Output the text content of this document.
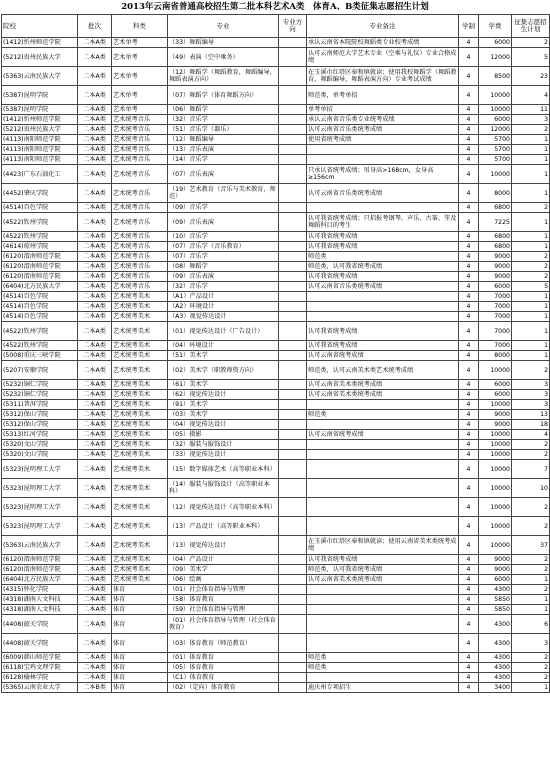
2013年云南省普通高校招生第二批本科艺术A类　体育A、B类征集志愿招生计划
院校	批次	科类	专业	专业方向	专业备注	学制	学费	征集志愿招生计划
(1412)忻州师范学院	二本A类	艺术单考	（33）舞蹈编导		承认云南省本院院校舞蹈类专业校考成绩	4	6000	2
(5212)贵州民族大学	二本A类	艺术单考	（49）表演（空中乘务）		认可云南师范大学艺术专业（空乘与礼仪）专业合格成绩	4	12000	5
(5363)云南民族大学	二本A类	艺术单考	（12）舞蹈学（舞蹈教育，舞蹈编导，舞蹈表演方向）		在玉溪市红塔区奉和镇就读；使用我校舞蹈学（舞蹈教育，舞蹈编导，舞蹈表演方向）专业考试成绩	4	8500	23
(5387)昆明学院	二本A类	艺术单考	（07）舞蹈学（体育舞蹈方向）		师范类，单考单招	4	10000	4
(5387)昆明学院	二本A类	艺术单考	（06）舞蹈学		单考单招	4	10000	11
(1412)忻州师范学院	二本A类	艺术统考音乐	（32）音乐学		承认云南省音乐类专业统考成绩	4	6000	3
(5212)贵州民族大学	二本A类	艺术统考音乐	（51）音乐学（器乐）		认可云南省音乐类统考成绩	4	12000	2
(4113)南阳师范学院	二本A类	艺术统考音乐	（12）舞蹈编导		使用省统考成绩	4	5700	1
(4113)南阳师范学院	二本A类	艺术统考音乐	（13）音乐表演			4	5700	1
(4113)南阳师范学院	二本A类	艺术统考音乐	（14）音乐学			4	5700	1
(4423)广东石油化工	二本A类	艺术统考音乐	（07）音乐表演		只承认省统考成绩；男身高>168cm，女身高≥156cm	4	10000	1
(4452)肇庆学院	二本A类	艺术统考音乐	（19）艺术教育（音乐与美术教育，师范）		认可云南省音乐类统考成绩	4	8000	1
(4514)百色学院	二本A类	艺术统考音乐	（09）音乐学			4	6800	2
(4522)钦州学院	二本A类	艺术统考音乐	（09）音乐表演		认可我省统考成绩；只招报考钢琴、声乐、古筝、笙及舞蹈科目的考生	4	7225	1
(4522)钦州学院	二本A类	艺术统考音乐	（10）音乐学		认可我省统考成绩	4	6800	1
(4614)琼州学院	二本A类	艺术统考音乐	（07）音乐学（音乐教育）		认可我省统考成绩	4	6800	1
(6120)渭南师范学院	二本A类	艺术统考音乐	（07）音乐学		师范类	4	9000	2
(6120)渭南师范学院	二本A类	艺术统考音乐	（08）舞蹈学		师范类，认可我省统考成绩	4	9000	2
(6120)渭南师范学院	二本A类	艺术统考音乐	（09）音乐表演		认可我省统考成绩	4	9000	2
(6404)北方民族大学	二本A类	艺术统考音乐	（32）音乐学		认可云南省音乐类统考成绩	4	6000	5
(4514)百色学院	二本A类	艺术统考美术	（A1）产品设计			4	7000	1
(4514)百色学院	二本A类	艺术统考美术	（A2）环境设计			4	7000	1
(4514)百色学院	二本A类	艺术统考美术	（A3）视觉传达设计			4	7000	1
(4522)钦州学院	二本A类	艺术统考美术	（01）视觉传达设计（广告设计）		认可我省统考成绩	4	7000	1
(4522)钦州学院	二本A类	艺术统考美术	（04）环境设计		认可我省统考成绩	4	7000	1
(5008)重庆三峡学院	二本A类	艺术统考美术	（51）美术学		认可云南省统考成绩	4	8000	1
(5207)安顺学院	二本A类	艺术统考美术	（02）美术学（职教师资方向）		师范类，认可云南美术类艺术统考成绩	4	10000	2
(5232)铜仁学院	二本A类	艺术统考美术	（61）美术学		认可云南省美术类统考成绩	4	6000	3
(5232)铜仁学院	二本A类	艺术统考美术	（62）视觉传达设计		认可云南省美术类统考成绩	4	6000	3
(5311)普洱学院	二本A类	艺术统考美术	（91）美术学			4	10000	3
(5312)保山学院	二本A类	艺术统考美术	（03）美术学		师范类	4	9000	13
(5312)保山学院	二本A类	艺术统考美术	（04）视觉传达设计			4	9000	18
(5313)红河学院	二本A类	艺术统考美术	（05）摄影		认可云南省统考成绩	4	10000	4
(5320)文山学院	二本A类	艺术统考美术	（32）服装与服饰设计			4	10000	2
(5320)文山学院	二本A类	艺术统考美术	（33）视觉传达设计			4	10000	2
(5323)昆明理工大学	二本A类	艺术统考美术	（15）数字媒体艺术（高等职业本科）			4	10000	7
(5323)昆明理工大学	二本A类	艺术统考美术	（14）服装与服饰设计（高等职业本科）			4	10000	10
(5323)昆明理工大学	二本A类	艺术统考美术	（12）视觉传达设计（高等职业本科）			4	10000	2
(5323)昆明理工大学	二本A类	艺术统考美术	（13）产品设计（高等职业本科）			4	10000	2
(5363)云南民族大学	二本A类	艺术统考美术	（13）视觉传达设计		在玉溪市红塔区奉和镇就读；使用云南省美术类统考成绩	4	10000	37
(6120)渭南师范学院	二本A类	艺术统考美术	（04）产品设计		认可我省统考成绩	4	9000	2
(6120)渭南师范学院	二本A类	艺术统考美术	（09）美术学		师范类，认可我省统考成绩	4	9000	2
(6404)北方民族大学	二本A类	艺术统考美术	（06）绘画		认可云南省美术类统考成绩	4	6000	1
(4315)怀化学院	二本A类	体育	（01）社会体育指导与管理			4	4300	2
(4318)湖南人文科技	二本A类	体育	（58）体育教育			4	5850	1
(4318)湖南人文科技	二本A类	体育	（59）社会体育指导与管理			4	5850	1
(4408)韶关学院	二本A类	体育	（01）社会体育指导与管理（社会体育教育）			4	4300	6
(4408)韶关学院	二本A类	体育	（03）体育教育（师范教育）			4	4300	3
(6009)韩山师范学院	二本A类	体育	（01）体育教育		师范类	4	4300	2
(6118)宝鸡文理学院	二本A类	体育	（05）体育教育		师范类	4	4300	2
(6128)榆林学院	二本A类	体育	（C1）体育教育			4	4300	2
(5365)云南农业大学	二本B类	体育	（02）（定向）体育教育		迪庆州专项招生	4	3400	1
